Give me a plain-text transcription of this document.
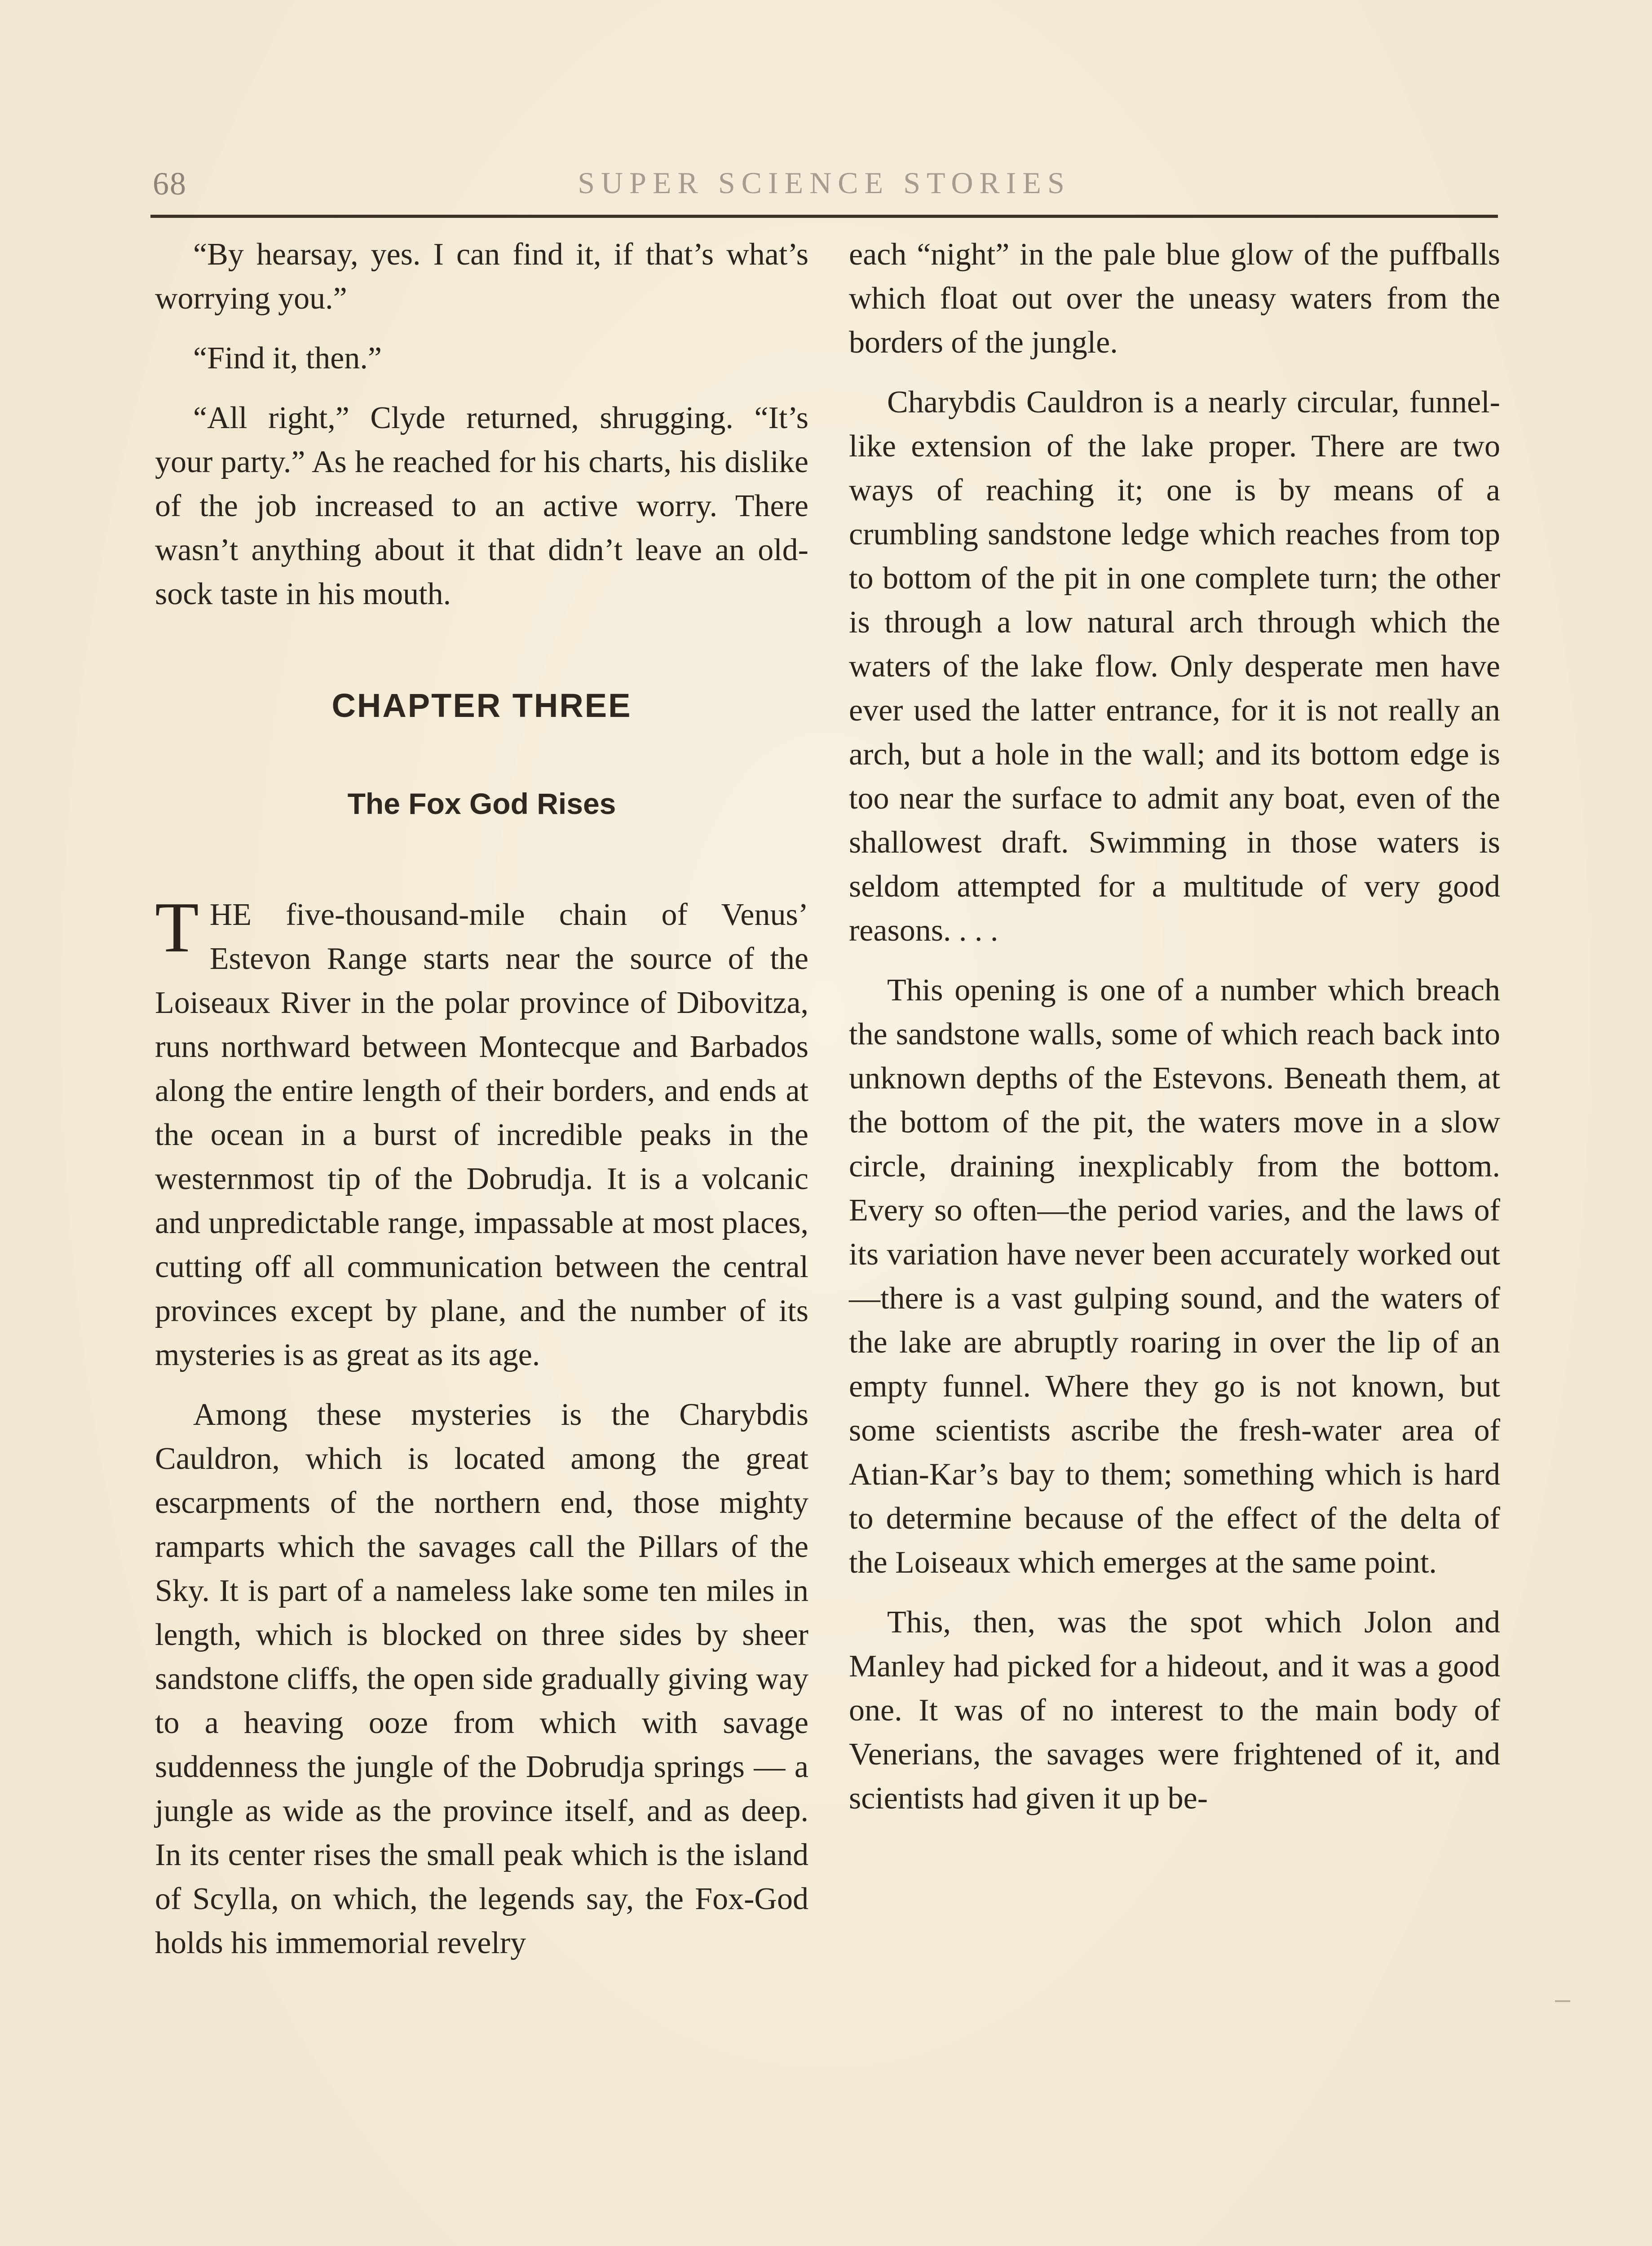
68	SUPER SCIENCE STORIES

“By hearsay, yes. I can find it, if that’s what’s worrying you.”

“Find it, then.”

“All right,” Clyde returned, shrugging. “It’s your party.” As he reached for his charts, his dislike of the job increased to an active worry. There wasn’t anything about it that didn’t leave an old-sock taste in his mouth.

CHAPTER THREE
The Fox God Rises

THE five-thousand-mile chain of Venus’ Estevon Range starts near the source of the Loiseaux River in the polar province of Dibovitza, runs northward between Montecque and Barbados along the entire length of their borders, and ends at the ocean in a burst of incredible peaks in the westernmost tip of the Dobrudja. It is a volcanic and unpredictable range, impassable at most places, cutting off all communication between the central provinces except by plane, and the number of its mysteries is as great as its age.

Among these mysteries is the Charybdis Cauldron, which is located among the great escarpments of the northern end, those mighty ramparts which the savages call the Pillars of the Sky. It is part of a nameless lake some ten miles in length, which is blocked on three sides by sheer sandstone cliffs, the open side gradually giving way to a heaving ooze from which with savage suddenness the jungle of the Dobrudja springs — a jungle as wide as the province itself, and as deep. In its center rises the small peak which is the island of Scylla, on which, the legends say, the Fox-God holds his immemorial revelry

each “night” in the pale blue glow of the puffballs which float out over the uneasy waters from the borders of the jungle.

Charybdis Cauldron is a nearly circular, funnel-like extension of the lake proper. There are two ways of reaching it; one is by means of a crumbling sandstone ledge which reaches from top to bottom of the pit in one complete turn; the other is through a low natural arch through which the waters of the lake flow. Only desperate men have ever used the latter entrance, for it is not really an arch, but a hole in the wall; and its bottom edge is too near the surface to admit any boat, even of the shallowest draft. Swimming in those waters is seldom attempted for a multitude of very good reasons. . . .

This opening is one of a number which breach the sandstone walls, some of which reach back into unknown depths of the Estevons. Beneath them, at the bottom of the pit, the waters move in a slow circle, draining inexplicably from the bottom. Every so often—the period varies, and the laws of its variation have never been accurately worked out—there is a vast gulping sound, and the waters of the lake are abruptly roaring in over the lip of an empty funnel. Where they go is not known, but some scientists ascribe the fresh-water area of Atian-Kar’s bay to them; something which is hard to determine because of the effect of the delta of the Loiseaux which emerges at the same point.

This, then, was the spot which Jolon and Manley had picked for a hideout, and it was a good one. It was of no interest to the main body of Venerians, the savages were frightened of it, and scientists had given it up be-
